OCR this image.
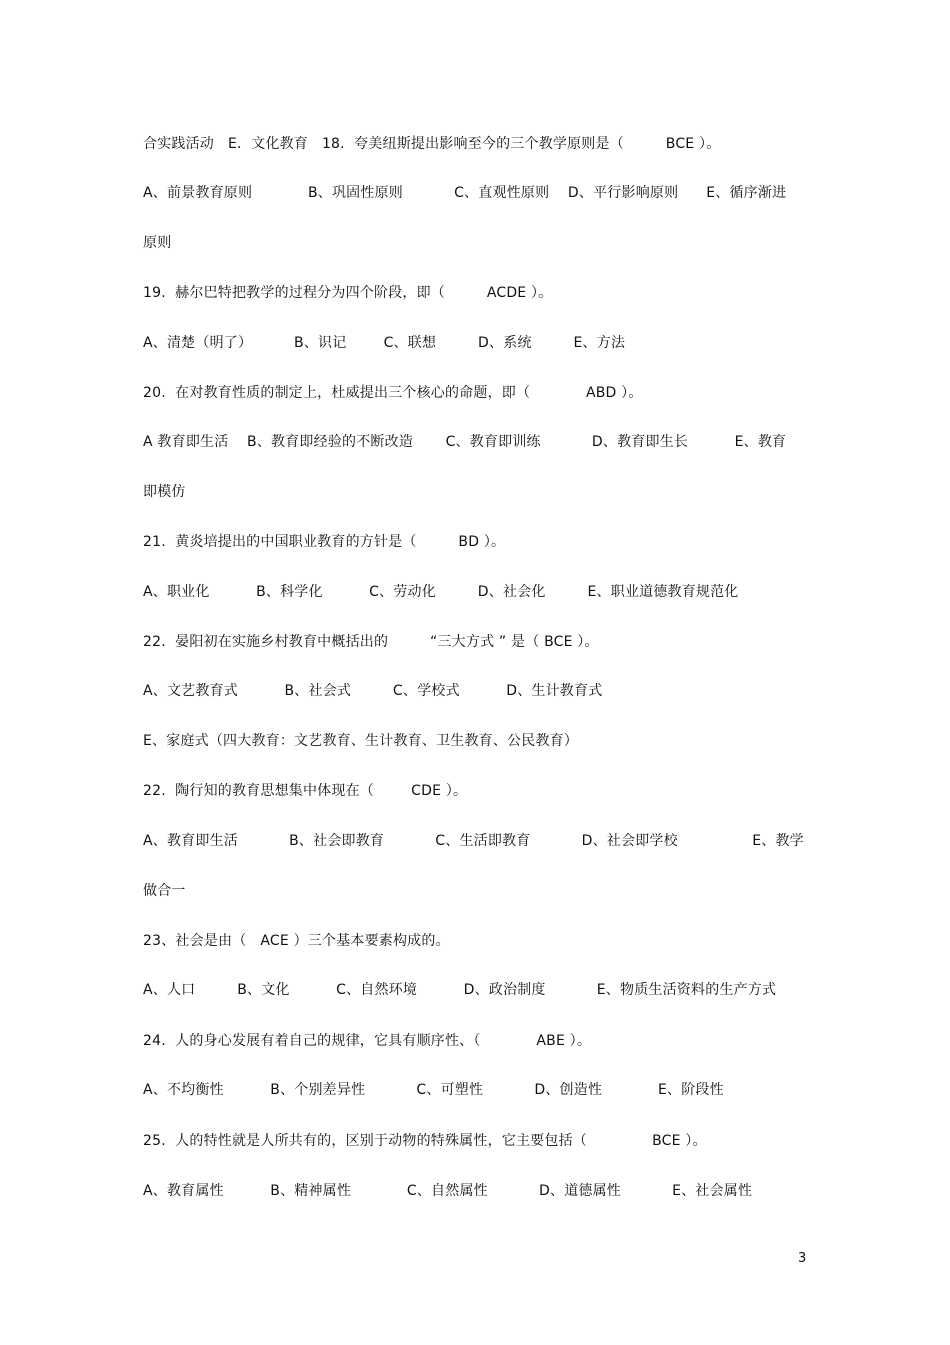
合实践活动   E．文化教育   18.  夸美纽斯提出影响至今的三个教学原则是（         BCE ）。
A、前景教育原则            B、巩固性原则           C、直观性原则    D、平行影响原则      E、循序渐进
原则
19.  赫尔巴特把教学的过程分为四个阶段，即（         ACDE ）。
A、清楚（明了）         B、识记        C、联想         D、系统         E、方法
20.  在对教育性质的制定上，杜威提出三个核心的命题，即（            ABD ）。
A 教育即生活    B、教育即经验的不断改造       C、教育即训练           D、教育即生长          E、教育
即模仿
21.  黄炎培提出的中国职业教育的方针是（         BD ）。
A、职业化          B、科学化          C、劳动化         D、社会化         E、职业道德教育规范化
22.  晏阳初在实施乡村教育中概括出的         “三大方式 ” 是（ BCE ）。
A、文艺教育式          B、社会式         C、学校式          D、生计教育式
E、家庭式（四大教育：文艺教育、生计教育、卫生教育、公民教育）
22.  陶行知的教育思想集中体现在（        CDE ）。
A、教育即生活           B、社会即教育           C、生活即教育           D、社会即学校                E、教学
做合一
23、社会是由（   ACE ）三个基本要素构成的。
A、人口         B、文化          C、自然环境          D、政治制度           E、物质生活资料的生产方式
24.  人的身心发展有着自己的规律，它具有顺序性、（            ABE ）。
A、不均衡性          B、个别差异性           C、可塑性           D、创造性            E、阶段性
25.  人的特性就是人所共有的，区别于动物的特殊属性，它主要包括（              BCE ）。
A、教育属性          B、精神属性            C、自然属性           D、道德属性           E、社会属性
3
